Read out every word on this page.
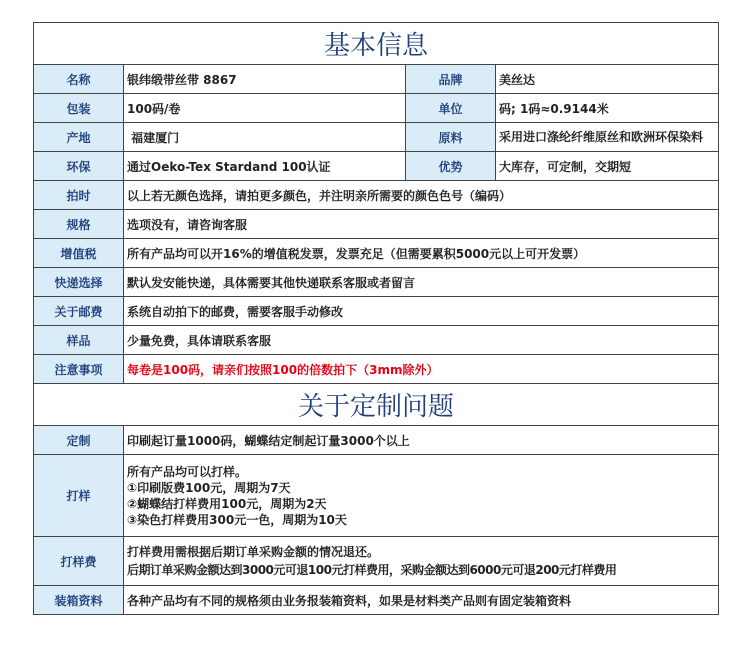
基本信息			
名称	银纬缎带丝带 8867	品牌	美丝达
包装	100码/卷	单位	码; 1码≈0.9144米
产地	福建厦门	原料	采用进口涤纶纤维原丝和欧洲环保染料
环保	通过Oeko-Tex Stardand 100认证	优势	大库存，可定制，交期短
拍时	以上若无颜色选择，请拍更多颜色，并注明亲所需要的颜色色号（编码）		
规格	选项没有，请咨询客服		
增值税	所有产品均可以开16%的增值税发票，发票充足（但需要累积5000元以上可开发票）		
快递选择	默认发安能快递，具体需要其他快递联系客服或者留言		
关于邮费	系统自动拍下的邮费，需要客服手动修改		
样品	少量免费，具体请联系客服		
注意事项	每卷是100码，请亲们按照100的倍数拍下（3mm除外）		
关于定制问题			
定制	印刷起订量1000码，蝴蝶结定制起订量3000个以上		
打样	所有产品均可以打样。
①印刷版费100元，周期为7天
②蝴蝶结打样费用100元，周期为2天
③染色打样费用300元一色，周期为10天		

打样费	打样费用需根据后期订单采购金额的情况退还。
后期订单采购金额达到3000元可退100元打样费用，采购金额达到6000元可退200元打样费用		

装箱资料	各种产品均有不同的规格须由业务报装箱资料，如果是材料类产品则有固定装箱资料		
